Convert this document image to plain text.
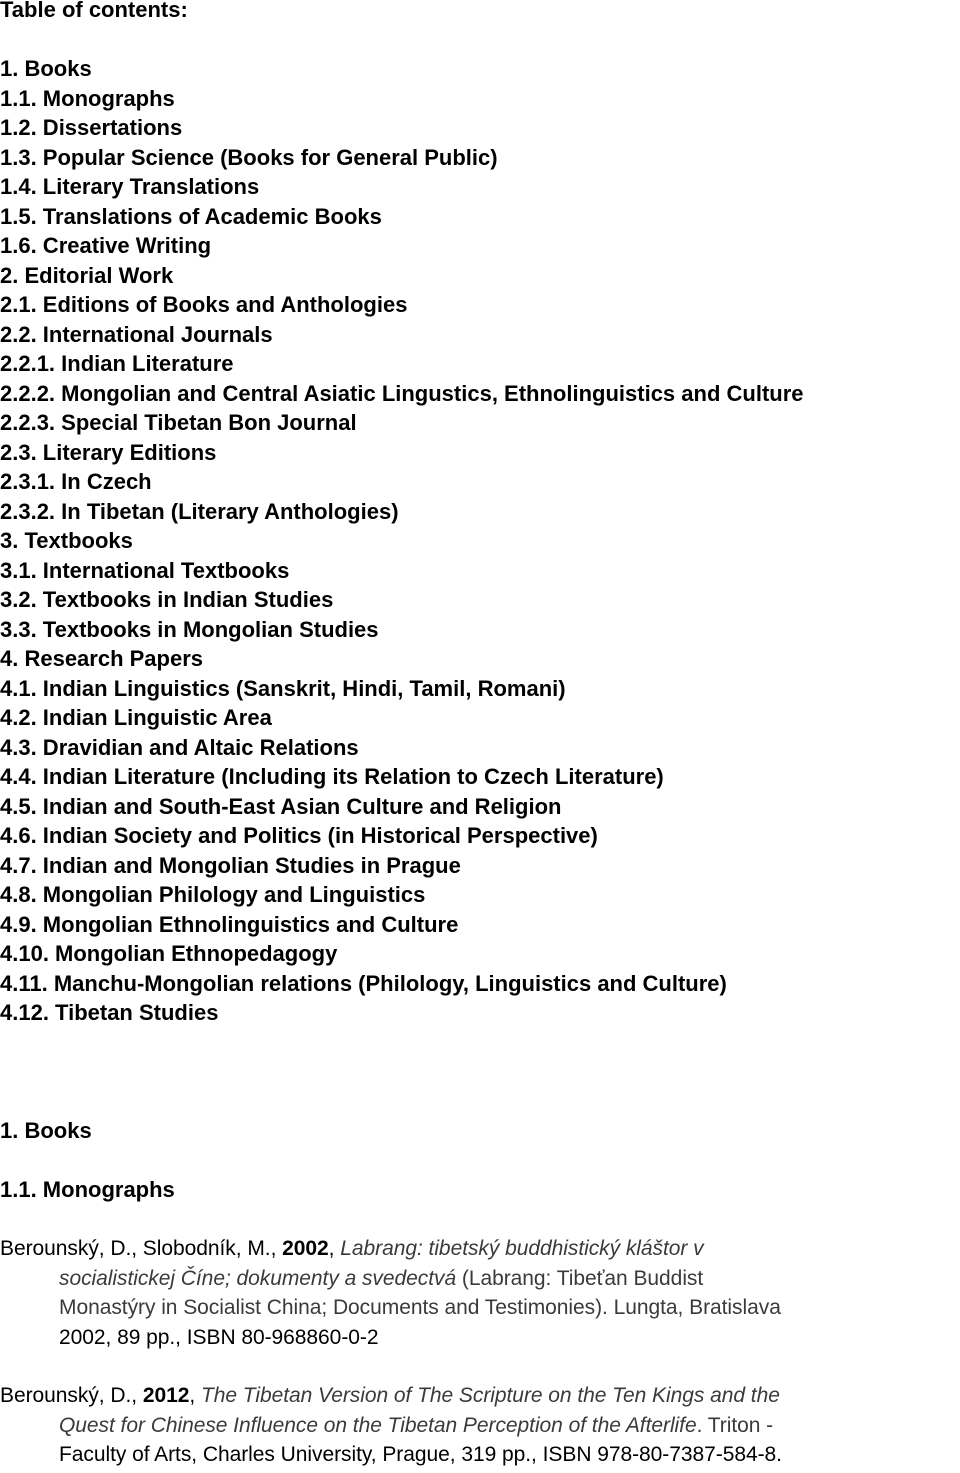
Table of contents:
1. Books
1.1. Monographs
1.2. Dissertations
1.3. Popular Science (Books for General Public)
1.4. Literary Translations
1.5. Translations of Academic Books
1.6. Creative Writing
2. Editorial Work
2.1. Editions of Books and Anthologies
2.2. International Journals
2.2.1. Indian Literature
2.2.2. Mongolian and Central Asiatic Lingustics, Ethnolinguistics and Culture
2.2.3. Special Tibetan Bon Journal
2.3. Literary Editions
2.3.1. In Czech
2.3.2. In Tibetan (Literary Anthologies)
3. Textbooks
3.1. International Textbooks
3.2. Textbooks in Indian Studies
3.3. Textbooks in Mongolian Studies
4. Research Papers
4.1. Indian Linguistics (Sanskrit, Hindi, Tamil, Romani)
4.2. Indian Linguistic Area
4.3. Dravidian and Altaic Relations
4.4. Indian Literature (Including its Relation to Czech Literature)
4.5. Indian and South-East Asian Culture and Religion
4.6. Indian Society and Politics (in Historical Perspective)
4.7. Indian and Mongolian Studies in Prague
4.8. Mongolian Philology and Linguistics
4.9. Mongolian Ethnolinguistics and Culture
4.10. Mongolian Ethnopedagogy
4.11. Manchu-Mongolian relations (Philology, Linguistics and Culture)
4.12. Tibetan Studies
1. Books
1.1. Monographs
Berounský, D., Slobodník, M., 2002, Labrang: tibetský buddhistický kláštor v
socialistickej Číne; dokumenty a svedectvá (Labrang: Tibeťan Buddist
Monastýry in Socialist China; Documents and Testimonies). Lungta, Bratislava
2002, 89 pp., ISBN 80-968860-0-2
Berounský, D., 2012, The Tibetan Version of The Scripture on the Ten Kings and the
Quest for Chinese Influence on the Tibetan Perception of the Afterlife. Triton -
Faculty of Arts, Charles University, Prague, 319 pp., ISBN 978-80-7387-584-8.
